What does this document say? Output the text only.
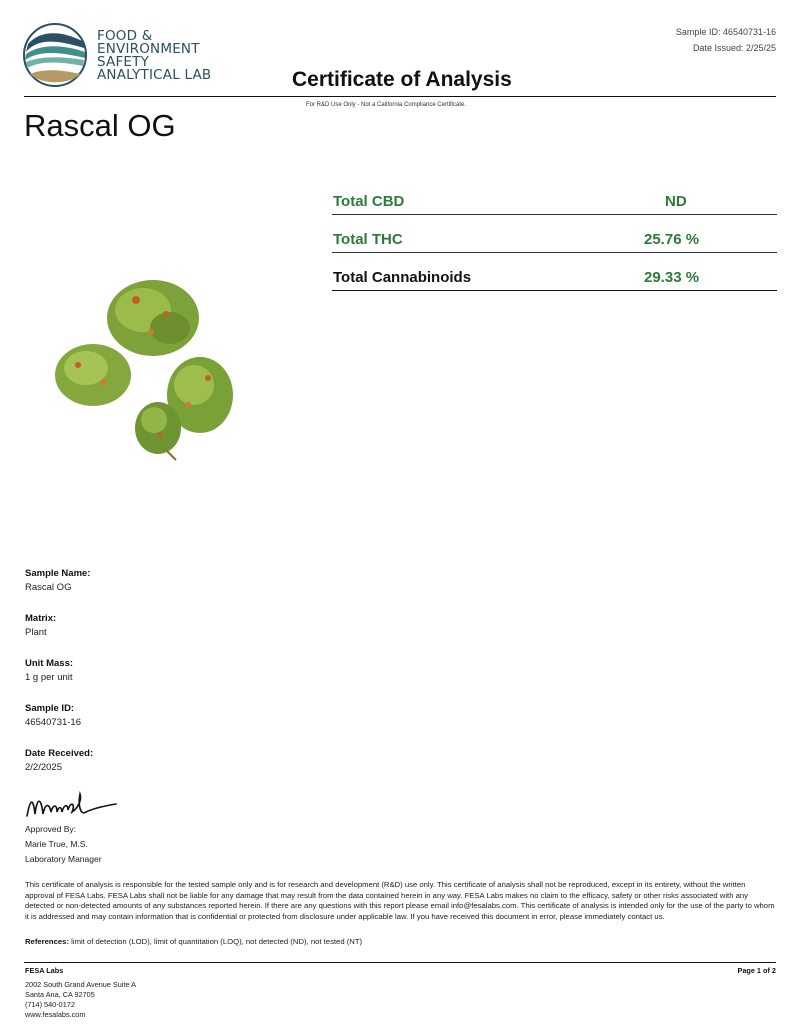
FOOD &
ENVIRONMENT
SAFETY
ANALYTICAL LAB
Sample ID: 46540731-16
Date Issued: 2/25/25
Certificate of Analysis
For R&D Use Only - Not a California Compliance Certificate.
Rascal OG
Total CBD	ND
Total THC	25.76 %
Total Cannabinoids	29.33 %
Sample Name:
Rascal OG
Matrix:
Plant
Unit Mass:
1 g per unit
Sample ID:
46540731-16
Date Received:
2/2/2025
Approved By:
Marie True, M.S.
Laboratory Manager
This certificate of analysis is responsible for the tested sample only and is for research and development (R&D) use only. This certificate of analysis shall not be reproduced, except in its entirety, without the written approval of FESA Labs. FESA Labs shall not be liable for any damage that may result from the data contained herein in any way. FESA Labs makes no claim to the efficacy, safety or other risks associated with any detected or non-detected amounts of any substances reported herein. If there are any questions with this report please email info@fesalabs.com. This certificate of analysis is intended only for the use of the party to whom it is addressed and may contain information that is confidential or protected from disclosure under applicable law. If you have received this document in error, please immediately contact us.
References: limit of detection (LOD), limit of quantitation (LOQ), not detected (ND), not tested (NT)
FESA Labs
2002 South Grand Avenue Suite A
Santa Ana, CA 92705
(714) 540-0172
www.fesalabs.com
Page 1 of 2
